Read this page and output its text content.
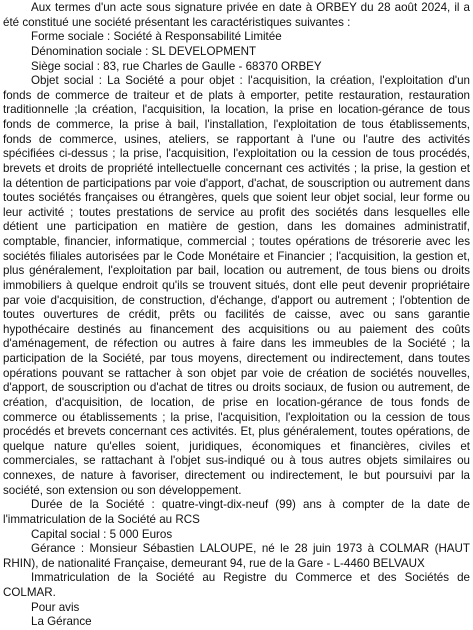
Aux termes d'un acte sous signature privée en date à ORBEY du 28 août 2024, il a été constitué une société présentant les caractéristiques suivantes :

Forme sociale : Société à Responsabilité Limitée

Dénomination sociale : SL DEVELOPMENT

Siège social : 83, rue Charles de Gaulle - 68370 ORBEY

Objet social : La Société a pour objet : l'acquisition, la création, l'exploitation d'un fonds de commerce de traiteur et de plats à emporter, petite restauration, restauration traditionnelle ;la création, l'acquisition, la location, la prise en location-gérance de tous fonds de commerce, la prise à bail, l'installation, l'exploitation de tous établissements, fonds de commerce, usines, ateliers, se rapportant à l'une ou l'autre des activités spécifiées ci-dessus ; la prise, l'acquisition, l'exploitation ou la cession de tous procédés, brevets et droits de propriété intellectuelle concernant ces activités ; la prise, la gestion et la détention de participations par voie d'apport, d'achat, de souscription ou autrement dans toutes sociétés françaises ou étrangères, quels que soient leur objet social, leur forme ou leur activité ; toutes prestations de service au profit des sociétés dans lesquelles elle détient une participation en matière de gestion, dans les domaines administratif, comptable, financier, informatique, commercial ; toutes opérations de trésorerie avec les sociétés filiales autorisées par le Code Monétaire et Financier ; l'acquisition, la gestion et, plus généralement, l'exploitation par bail, location ou autrement, de tous biens ou droits immobiliers à quelque endroit qu'ils se trouvent situés, dont elle peut devenir propriétaire par voie d'acquisition, de construction, d'échange, d'apport ou autrement ; l'obtention de toutes ouvertures de crédit, prêts ou facilités de caisse, avec ou sans garantie hypothécaire destinés au financement des acquisitions ou au paiement des coûts d'aménagement, de réfection ou autres à faire dans les immeubles de la Société ; la participation de la Société, par tous moyens, directement ou indirectement, dans toutes opérations pouvant se rattacher à son objet par voie de création de sociétés nouvelles, d'apport, de souscription ou d'achat de titres ou droits sociaux, de fusion ou autrement, de création, d'acquisition, de location, de prise en location-gérance de tous fonds de commerce ou établissements ; la prise, l'acquisition, l'exploitation ou la cession de tous procédés et brevets concernant ces activités. Et, plus généralement, toutes opérations, de quelque nature qu'elles soient, juridiques, économiques et financières, civiles et commerciales, se rattachant à l'objet sus-indiqué ou à tous autres objets similaires ou connexes, de nature à favoriser, directement ou indirectement, le but poursuivi par la société, son extension ou son développement.

Durée de la Société : quatre-vingt-dix-neuf (99) ans à compter de la date de l'immatriculation de la Société au RCS

Capital social : 5 000 Euros

Gérance : Monsieur Sébastien LALOUPE, né le 28 juin 1973 à COLMAR (HAUT RHIN), de nationalité Française, demeurant 94, rue de la Gare - L-4460 BELVAUX

Immatriculation de la Société au Registre du Commerce et des Sociétés de COLMAR.

Pour avis

La Gérance
